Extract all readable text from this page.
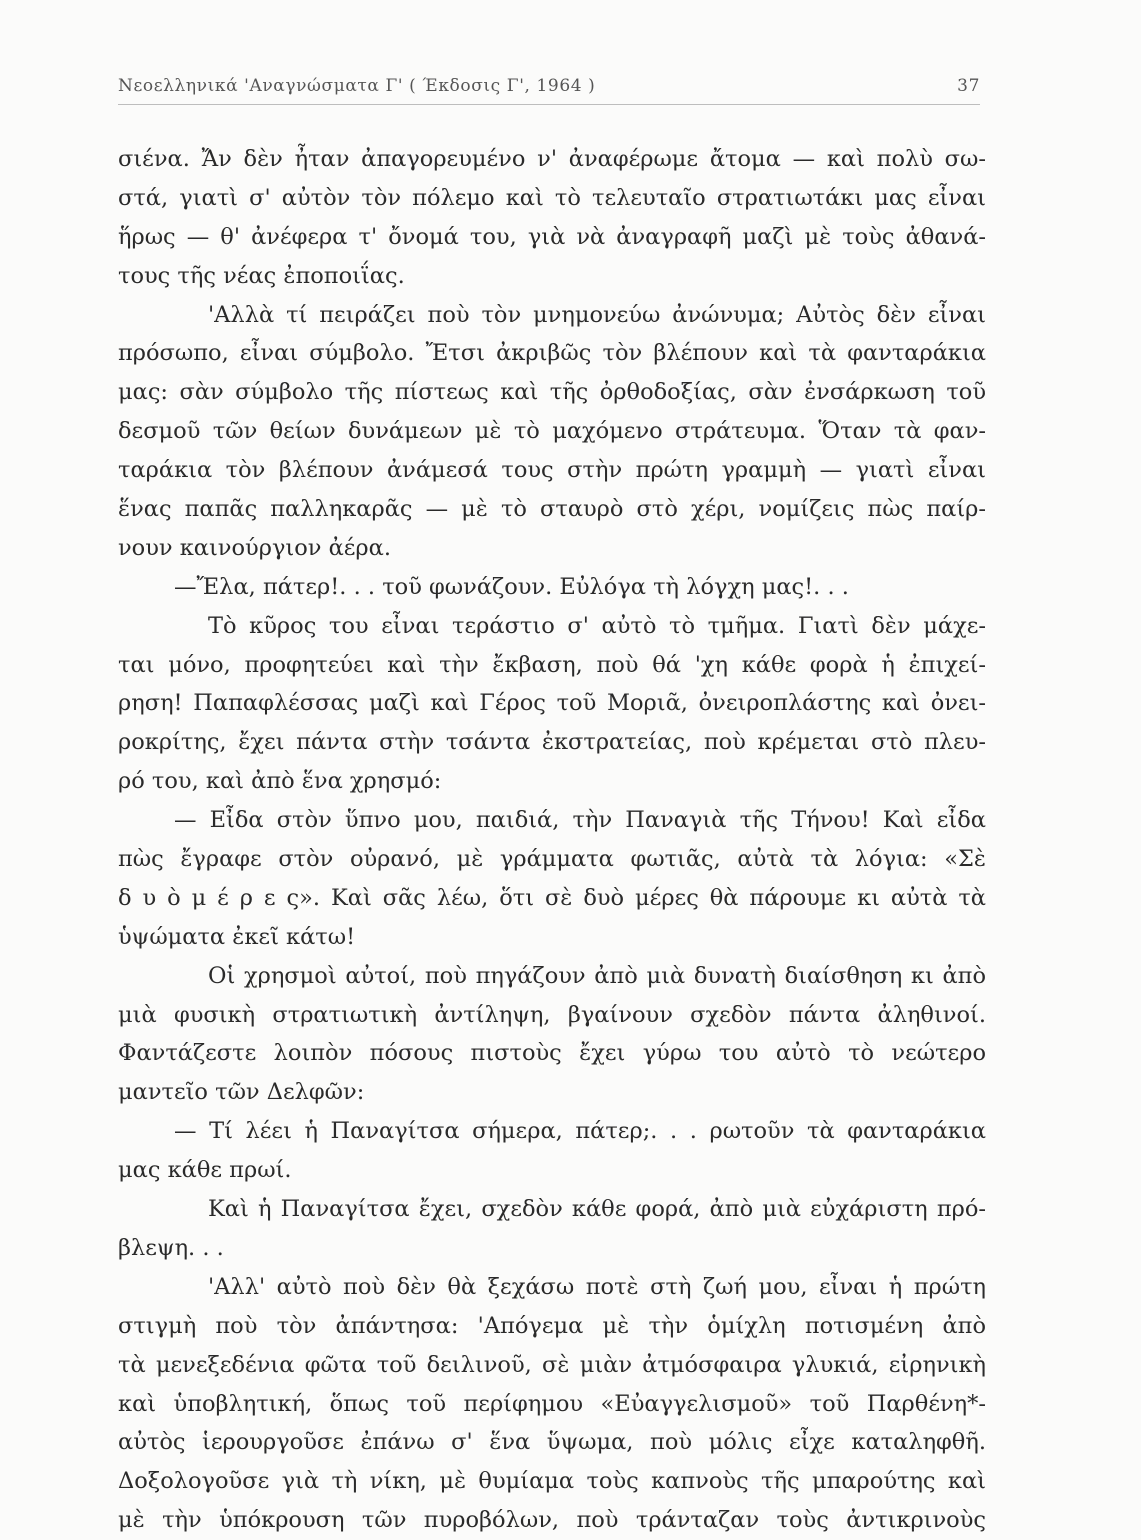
Νεοελληνικά 'Αναγνώσματα Γ' ( Έκδοσις Γ', 1964 )	37
σιένα. Ἄν δὲν ἦταν ἀπαγορευμένο ν' ἀναφέρωμε ἄτομα — καὶ πολὺ σω-
στά, γιατὶ σ' αὐτὸν τὸν πόλεμο καὶ τὸ τελευταῖο στρατιωτάκι μας εἶναι
ἥρως — θ' ἀνέφερα τ' ὄνομά του, γιὰ νὰ ἀναγραφῆ μαζὶ μὲ τοὺς ἀθανά-
τους τῆς νέας ἐποποιΐας.
'Αλλὰ τί πειράζει ποὺ τὸν μνημονεύω ἀνώνυμα; Αὐτὸς δὲν εἶναι
πρόσωπο, εἶναι σύμβολο. Ἔτσι ἀκριβῶς τὸν βλέπουν καὶ τὰ φανταράκια
μας: σὰν σύμβολο τῆς πίστεως καὶ τῆς ὀρθοδοξίας, σὰν ἐνσάρκωση τοῦ
δεσμοῦ τῶν θείων δυνάμεων μὲ τὸ μαχόμενο στράτευμα. Ὅταν τὰ φαν-
ταράκια τὸν βλέπουν ἀνάμεσά τους στὴν πρώτη γραμμὴ — γιατὶ εἶναι
ἕνας παπᾶς παλληκαρᾶς — μὲ τὸ σταυρὸ στὸ χέρι, νομίζεις πὼς παίρ-
νουν καινούργιον ἀέρα.
—Ἔλα, πάτερ!. . . τοῦ φωνάζουν. Εὐλόγα τὴ λόγχη μας!. . .
Τὸ κῦρος του εἶναι τεράστιο σ' αὐτὸ τὸ τμῆμα. Γιατὶ δὲν μάχε-
ται μόνο, προφητεύει καὶ τὴν ἔκβαση, ποὺ θά 'χη κάθε φορὰ ἡ ἐπιχεί-
ρηση! Παπαφλέσσας μαζὶ καὶ Γέρος τοῦ Μοριᾶ, ὀνειροπλάστης καὶ ὀνει-
ροκρίτης, ἔχει πάντα στὴν τσάντα ἐκστρατείας, ποὺ κρέμεται στὸ πλευ-
ρό του, καὶ ἀπὸ ἕνα χρησμό:
— Εἶδα στὸν ὕπνο μου, παιδιά, τὴν Παναγιὰ τῆς Τήνου! Καὶ εἶδα
πὼς ἔγραφε στὸν οὐρανό, μὲ γράμματα φωτιᾶς, αὐτὰ τὰ λόγια: «Σὲ
δ υ ὸ μ έ ρ ε ς». Καὶ σᾶς λέω, ὅτι σὲ δυὸ μέρες θὰ πάρουμε κι αὐτὰ τὰ
ὑψώματα ἐκεῖ κάτω!
Οἱ χρησμοὶ αὐτοί, ποὺ πηγάζουν ἀπὸ μιὰ δυνατὴ διαίσθηση κι ἀπὸ
μιὰ φυσικὴ στρατιωτικὴ ἀντίληψη, βγαίνουν σχεδὸν πάντα ἀληθινοί.
Φαντάζεστε λοιπὸν πόσους πιστοὺς ἔχει γύρω του αὐτὸ τὸ νεώτερο
μαντεῖο τῶν Δελφῶν:
— Τί λέει ἡ Παναγίτσα σήμερα, πάτερ;. . . ρωτοῦν τὰ φανταράκια
μας κάθε πρωί.
Καὶ ἡ Παναγίτσα ἔχει, σχεδὸν κάθε φορά, ἀπὸ μιὰ εὐχάριστη πρό-
βλεψη. . .
'Αλλ' αὐτὸ ποὺ δὲν θὰ ξεχάσω ποτὲ στὴ ζωή μου, εἶναι ἡ πρώτη
στιγμὴ ποὺ τὸν ἀπάντησα: 'Απόγεμα μὲ τὴν ὁμίχλη ποτισμένη ἀπὸ
τὰ μενεξεδένια φῶτα τοῦ δειλινοῦ, σὲ μιὰν ἀτμόσφαιρα γλυκιά, εἰρηνικὴ
καὶ ὑποβλητική, ὅπως τοῦ περίφημου «Εὐαγγελισμοῦ» τοῦ Παρθένη*-
αὐτὸς ἱερουργοῦσε ἐπάνω σ' ἕνα ὕψωμα, ποὺ μόλις εἶχε καταληφθῆ.
Δοξολογοῦσε γιὰ τὴ νίκη, μὲ θυμίαμα τοὺς καπνοὺς τῆς μπαρούτης καὶ
μὲ τὴν ὑπόκρουση τῶν πυροβόλων, ποὺ τράνταζαν τοὺς ἀντικρινοὺς
